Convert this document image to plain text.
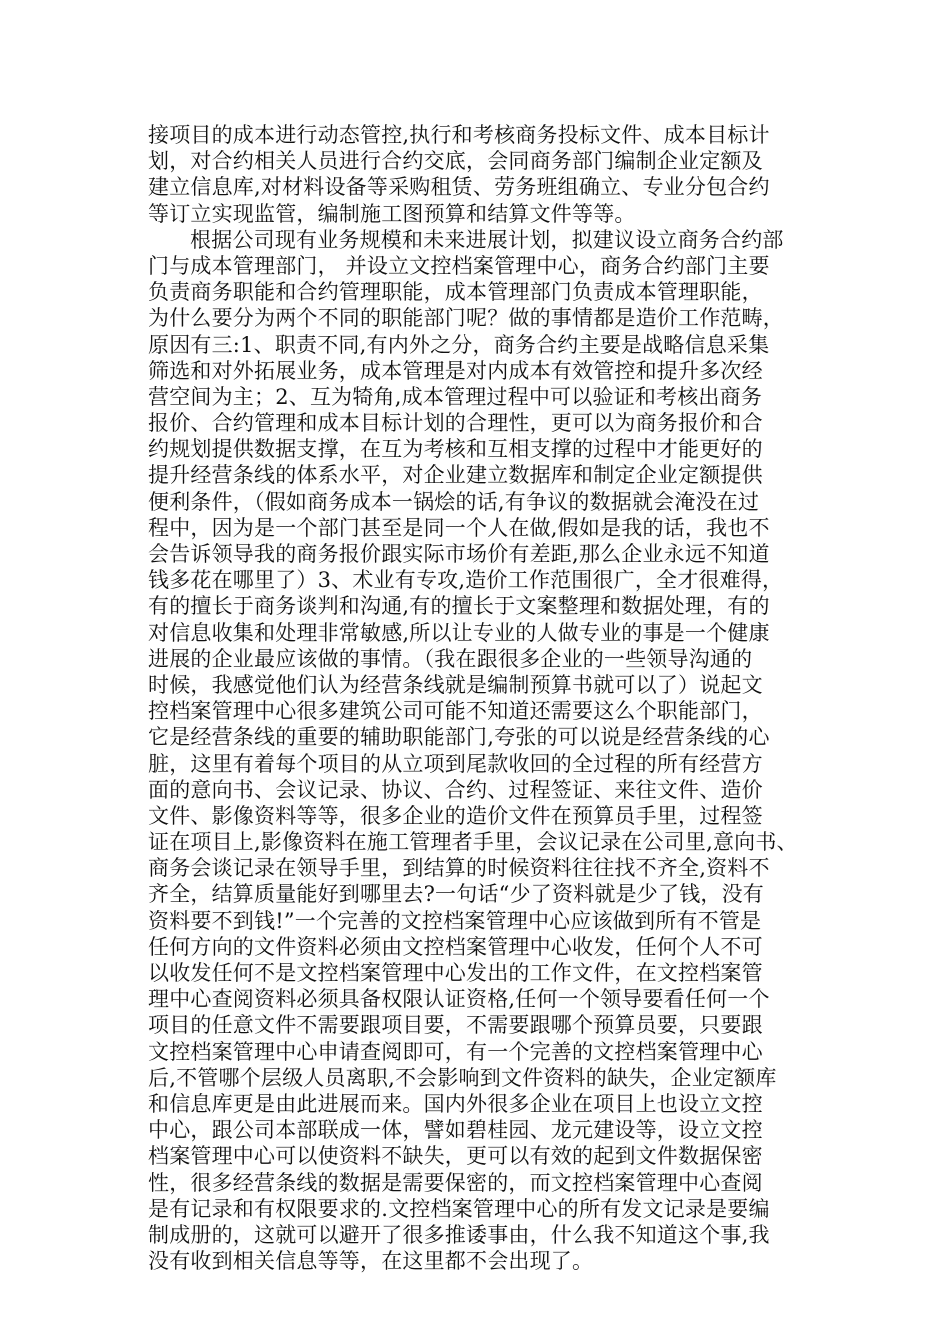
接项目的成本进行动态管控,执行和考核商务投标文件、成本目标计
划，对合约相关人员进行合约交底，会同商务部门编制企业定额及
建立信息库,对材料设备等采购租赁、劳务班组确立、专业分包合约
等订立实现监管，编制施工图预算和结算文件等等。
根据公司现有业务规模和未来进展计划，拟建议设立商务合约部
门与成本管理部门， 并设立文控档案管理中心，商务合约部门主要
负责商务职能和合约管理职能，成本管理部门负责成本管理职能，
为什么要分为两个不同的职能部门呢？做的事情都是造价工作范畴，
原因有三:1、职责不同,有内外之分，商务合约主要是战略信息采集
筛选和对外拓展业务，成本管理是对内成本有效管控和提升多次经
营空间为主；2、互为犄角,成本管理过程中可以验证和考核出商务
报价、合约管理和成本目标计划的合理性，更可以为商务报价和合
约规划提供数据支撑，在互为考核和互相支撑的过程中才能更好的
提升经营条线的体系水平，对企业建立数据库和制定企业定额提供
便利条件，（假如商务成本一锅烩的话,有争议的数据就会淹没在过
程中，因为是一个部门甚至是同一个人在做,假如是我的话，我也不
会告诉领导我的商务报价跟实际市场价有差距,那么企业永远不知道
钱多花在哪里了）3、术业有专攻,造价工作范围很广，全才很难得，
有的擅长于商务谈判和沟通,有的擅长于文案整理和数据处理，有的
对信息收集和处理非常敏感,所以让专业的人做专业的事是一个健康
进展的企业最应该做的事情。（我在跟很多企业的一些领导沟通的
时候，我感觉他们认为经营条线就是编制预算书就可以了）说起文
控档案管理中心很多建筑公司可能不知道还需要这么个职能部门，
它是经营条线的重要的辅助职能部门,夸张的可以说是经营条线的心
脏，这里有着每个项目的从立项到尾款收回的全过程的所有经营方
面的意向书、会议记录、协议、合约、过程签证、来往文件、造价
文件、影像资料等等，很多企业的造价文件在预算员手里，过程签
证在项目上,影像资料在施工管理者手里，会议记录在公司里,意向书、
商务会谈记录在领导手里，到结算的时候资料往往找不齐全,资料不
齐全，结算质量能好到哪里去?一句话“少了资料就是少了钱，没有
资料要不到钱!”一个完善的文控档案管理中心应该做到所有不管是
任何方向的文件资料必须由文控档案管理中心收发，任何个人不可
以收发任何不是文控档案管理中心发出的工作文件，在文控档案管
理中心查阅资料必须具备权限认证资格,任何一个领导要看任何一个
项目的任意文件不需要跟项目要，不需要跟哪个预算员要，只要跟
文控档案管理中心申请查阅即可，有一个完善的文控档案管理中心
后,不管哪个层级人员离职,不会影响到文件资料的缺失，企业定额库
和信息库更是由此进展而来。国内外很多企业在项目上也设立文控
中心，跟公司本部联成一体，譬如碧桂园、龙元建设等，设立文控
档案管理中心可以使资料不缺失，更可以有效的起到文件数据保密
性，很多经营条线的数据是需要保密的，而文控档案管理中心查阅
是有记录和有权限要求的.文控档案管理中心的所有发文记录是要编
制成册的，这就可以避开了很多推诿事由，什么我不知道这个事,我
没有收到相关信息等等，在这里都不会出现了。
